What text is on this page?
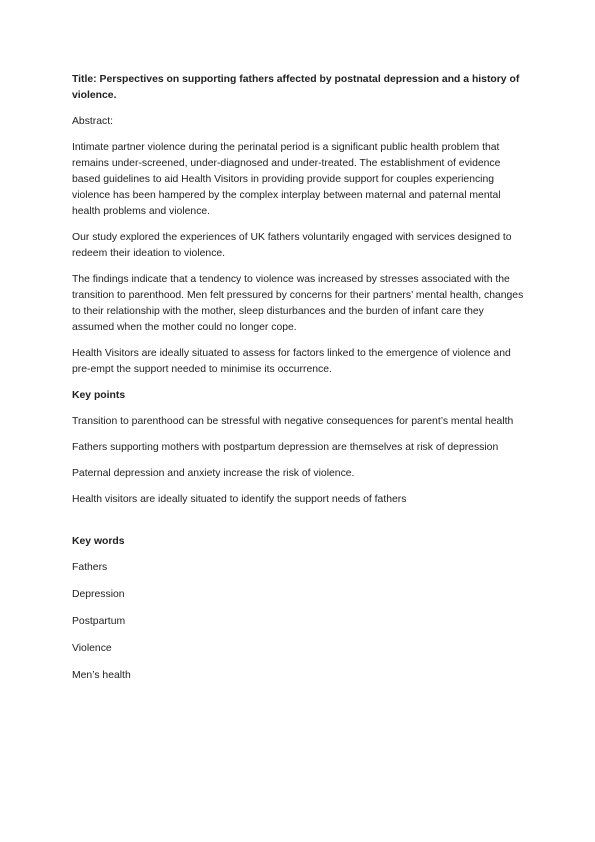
Title: Perspectives on supporting fathers affected by postnatal depression and a history of violence.

Abstract:

Intimate partner violence during the perinatal period is a significant public health problem that remains under-screened, under-diagnosed and under-treated. The establishment of evidence based guidelines to aid Health Visitors in providing provide support for couples experiencing violence has been hampered by the complex interplay between maternal and paternal mental health problems and violence.

Our study explored the experiences of UK fathers voluntarily engaged with services designed to redeem their ideation to violence.

The findings indicate that a tendency to violence was increased by stresses associated with the transition to parenthood. Men felt pressured by concerns for their partners’ mental health, changes to their relationship with the mother, sleep disturbances and the burden of infant care they assumed when the mother could no longer cope.

Health Visitors are ideally situated to assess for factors linked to the emergence of violence and pre-empt the support needed to minimise its occurrence.

Key points

Transition to parenthood can be stressful with negative consequences for parent’s mental health
Fathers supporting mothers with postpartum depression are themselves at risk of depression
Paternal depression and anxiety increase the risk of violence.
Health visitors are ideally situated to identify the support needs of fathers

Key words

Fathers
Depression
Postpartum
Violence
Men’s health
